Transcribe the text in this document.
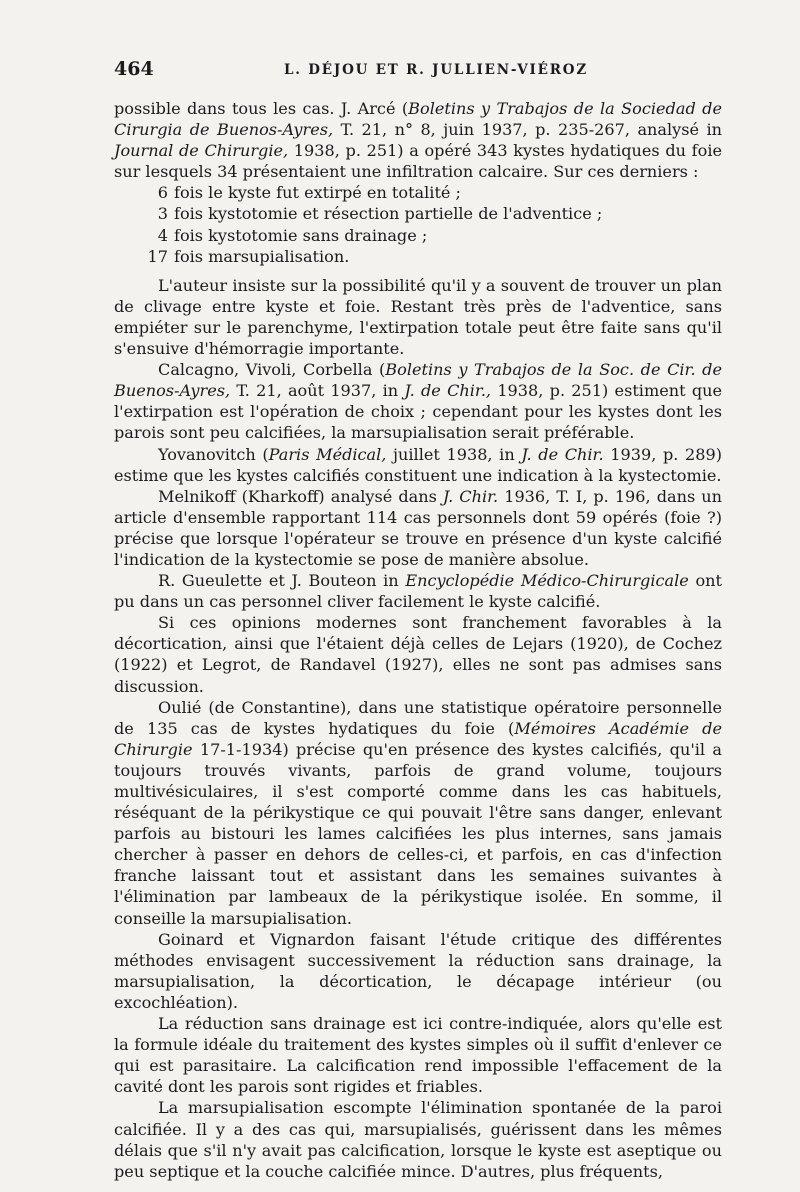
464	L. DÉJOU ET R. JULLIEN-VIÉROZ

possible dans tous les cas. J. Arcé (Boletins y Trabajos de la Sociedad de Cirurgia de Buenos-Ayres, T. 21, n° 8, juin 1937, p. 235-267, analysé in Journal de Chirurgie, 1938, p. 251) a opéré 343 kystes hydatiques du foie sur lesquels 34 présentaient une infiltration calcaire. Sur ces derniers :

6 fois le kyste fut extirpé en totalité ;
3 fois kystotomie et résection partielle de l'adventice ;
4 fois kystotomie sans drainage ;
17 fois marsupialisation.

L'auteur insiste sur la possibilité qu'il y a souvent de trouver un plan de clivage entre kyste et foie. Restant très près de l'adventice, sans empiéter sur le parenchyme, l'extirpation totale peut être faite sans qu'il s'ensuive d'hémorragie importante.

Calcagno, Vivoli, Corbella (Boletins y Trabajos de la Soc. de Cir. de Buenos-Ayres, T. 21, août 1937, in J. de Chir., 1938, p. 251) estiment que l'extirpation est l'opération de choix ; cependant pour les kystes dont les parois sont peu calcifiées, la marsupialisation serait préférable.

Yovanovitch (Paris Médical, juillet 1938, in J. de Chir. 1939, p. 289) estime que les kystes calcifiés constituent une indication à la kystectomie.

Melnikoff (Kharkoff) analysé dans J. Chir. 1936, T. I, p. 196, dans un article d'ensemble rapportant 114 cas personnels dont 59 opérés (foie ?) précise que lorsque l'opérateur se trouve en présence d'un kyste calcifié l'indication de la kystectomie se pose de manière absolue.

R. Gueulette et J. Bouteon in Encyclopédie Médico-Chirurgicale ont pu dans un cas personnel cliver facilement le kyste calcifié.

Si ces opinions modernes sont franchement favorables à la décortication, ainsi que l'étaient déjà celles de Lejars (1920), de Cochez (1922) et Legrot, de Randavel (1927), elles ne sont pas admises sans discussion.

Oulié (de Constantine), dans une statistique opératoire personnelle de 135 cas de kystes hydatiques du foie (Mémoires Académie de Chirurgie 17-1-1934) précise qu'en présence des kystes calcifiés, qu'il a toujours trouvés vivants, parfois de grand volume, toujours multivésiculaires, il s'est comporté comme dans les cas habituels, réséquant de la périkystique ce qui pouvait l'être sans danger, enlevant parfois au bistouri les lames calcifiées les plus internes, sans jamais chercher à passer en dehors de celles-ci, et parfois, en cas d'infection franche laissant tout et assistant dans les semaines suivantes à l'élimination par lambeaux de la périkystique isolée. En somme, il conseille la marsupialisation.

Goinard et Vignardon faisant l'étude critique des différentes méthodes envisagent successivement la réduction sans drainage, la marsupialisation, la décortication, le décapage intérieur (ou excochléation).

La réduction sans drainage est ici contre-indiquée, alors qu'elle est la formule idéale du traitement des kystes simples où il suffit d'enlever ce qui est parasitaire. La calcification rend impossible l'effacement de la cavité dont les parois sont rigides et friables.

La marsupialisation escompte l'élimination spontanée de la paroi calcifiée. Il y a des cas qui, marsupialisés, guérissent dans les mêmes délais que s'il n'y avait pas calcification, lorsque le kyste est aseptique ou peu septique et la couche calcifiée mince. D'autres, plus fréquents,
